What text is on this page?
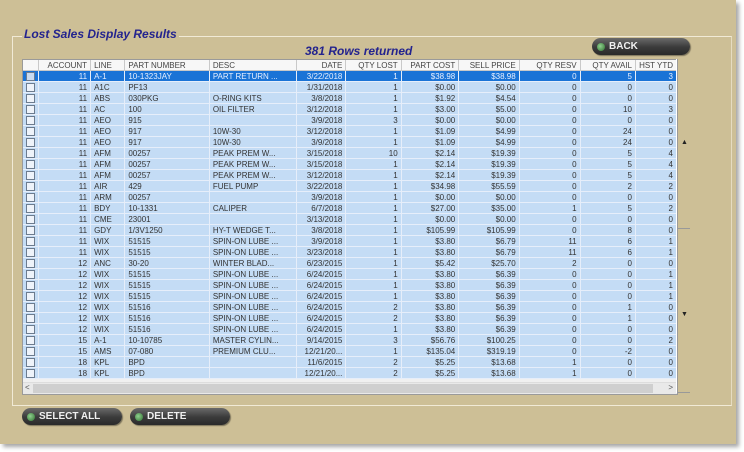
Lost Sales Display Results
381 Rows returned	BACK
	ACCOUNT	LINE	PART NUMBER	DESC	DATE	QTY LOST	PART COST	SELL PRICE	QTY RESV	QTY AVAIL	HST YTD
	11	A-1	10-1323JAY	PART RETURN ...	3/22/2018	1	$38.98	$38.98	0	5	3
	11	A1C	PF13		1/31/2018	1	$0.00	$0.00	0	0	0
	11	ABS	030PKG	O-RING KITS	3/8/2018	1	$1.92	$4.54	0	0	0
	11	AC	100	OIL FILTER	3/12/2018	1	$3.00	$5.00	0	10	3
	11	AEO	915		3/9/2018	3	$0.00	$0.00	0	0	0
	11	AEO	917	10W-30	3/12/2018	1	$1.09	$4.99	0	24	0
	11	AEO	917	10W-30	3/9/2018	1	$1.09	$4.99	0	24	0
	11	AFM	00257	PEAK PREM W...	3/15/2018	10	$2.14	$19.39	0	5	4
	11	AFM	00257	PEAK PREM W...	3/15/2018	1	$2.14	$19.39	0	5	4
	11	AFM	00257	PEAK PREM W...	3/12/2018	1	$2.14	$19.39	0	5	4
	11	AIR	429	FUEL PUMP	3/22/2018	1	$34.98	$55.59	0	2	2
	11	ARM	00257		3/9/2018	1	$0.00	$0.00	0	0	0
	11	BDY	10-1331	CALIPER	6/7/2018	1	$27.00	$35.00	1	5	2
	11	CME	23001		3/13/2018	1	$0.00	$0.00	0	0	0
	11	GDY	1/3V1250	HY-T WEDGE T...	3/8/2018	1	$105.99	$105.99	0	8	0
	11	WIX	51515	SPIN-ON LUBE ...	3/9/2018	1	$3.80	$6.79	11	6	1
	11	WIX	51515	SPIN-ON LUBE ...	3/23/2018	1	$3.80	$6.79	11	6	1
	12	ANC	30-20	WINTER BLAD...	6/23/2015	1	$5.42	$25.70	2	0	0
	12	WIX	51515	SPIN-ON LUBE ...	6/24/2015	1	$3.80	$6.39	0	0	1
	12	WIX	51515	SPIN-ON LUBE ...	6/24/2015	1	$3.80	$6.39	0	0	1
	12	WIX	51515	SPIN-ON LUBE ...	6/24/2015	1	$3.80	$6.39	0	0	1
	12	WIX	51516	SPIN-ON LUBE ...	6/24/2015	2	$3.80	$6.39	0	1	0
	12	WIX	51516	SPIN-ON LUBE ...	6/24/2015	2	$3.80	$6.39	0	1	0
	12	WIX	51516	SPIN-ON LUBE ...	6/24/2015	1	$3.80	$6.39	0	0	0
	15	A-1	10-10785	MASTER CYLIN...	9/14/2015	3	$56.76	$100.25	0	0	2
	15	AMS	07-080	PREMIUM CLU...	12/21/20...	1	$135.04	$319.19	0	-2	0
	18	KPL	BPD		11/6/2015	2	$5.25	$13.68	1	0	0
	18	KPL	BPD		12/21/20...	2	$5.25	$13.68	1	0	0
<	>
▲
▼
SELECT ALL	DELETE
